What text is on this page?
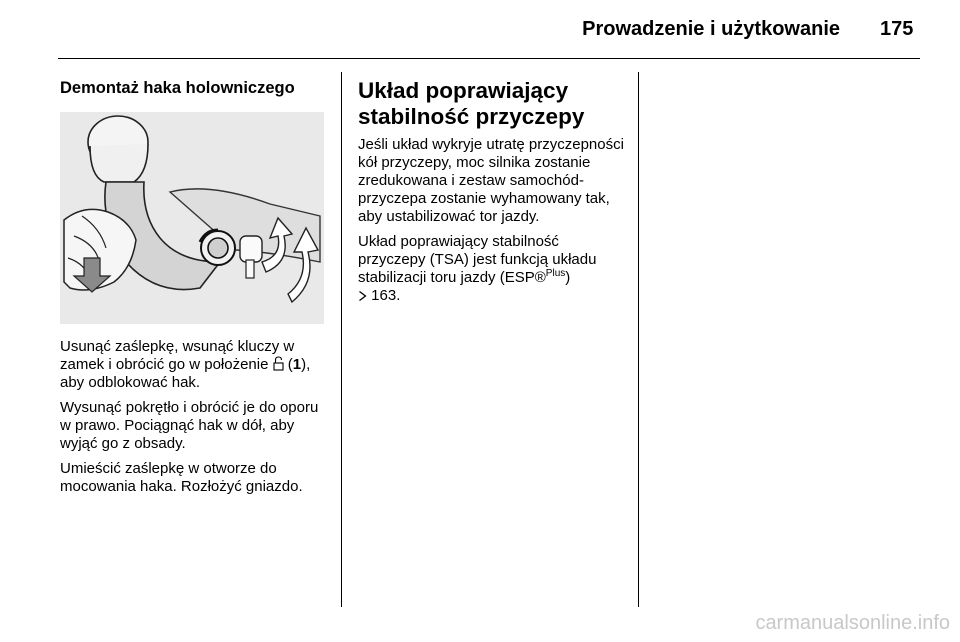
Prowadzenie i użytkowanie 175
Demontaż haka holowniczego

Usunąć zaślepkę, wsunąć kluczy w zamek i obrócić go w położenie  (1), aby odblokować hak.

Wysunąć pokrętło i obrócić je do oporu w prawo. Pociągnąć hak w dół, aby wyjąć go z obsady.

Umieścić zaślepkę w otworze do mocowania haka. Rozłożyć gniazdo.

Układ poprawiający stabilność przyczepy

Jeśli układ wykryje utratę przyczepności kół przyczepy, moc silnika zostanie zredukowana i zestaw samochód-przyczepa zostanie wyhamowany tak, aby ustabilizować tor jazdy.

Układ poprawiający stabilność przyczepy (TSA) jest funkcją układu stabilizacji toru jazdy (ESP®$^{Plus}$)
163.

carmanualsonline.info
